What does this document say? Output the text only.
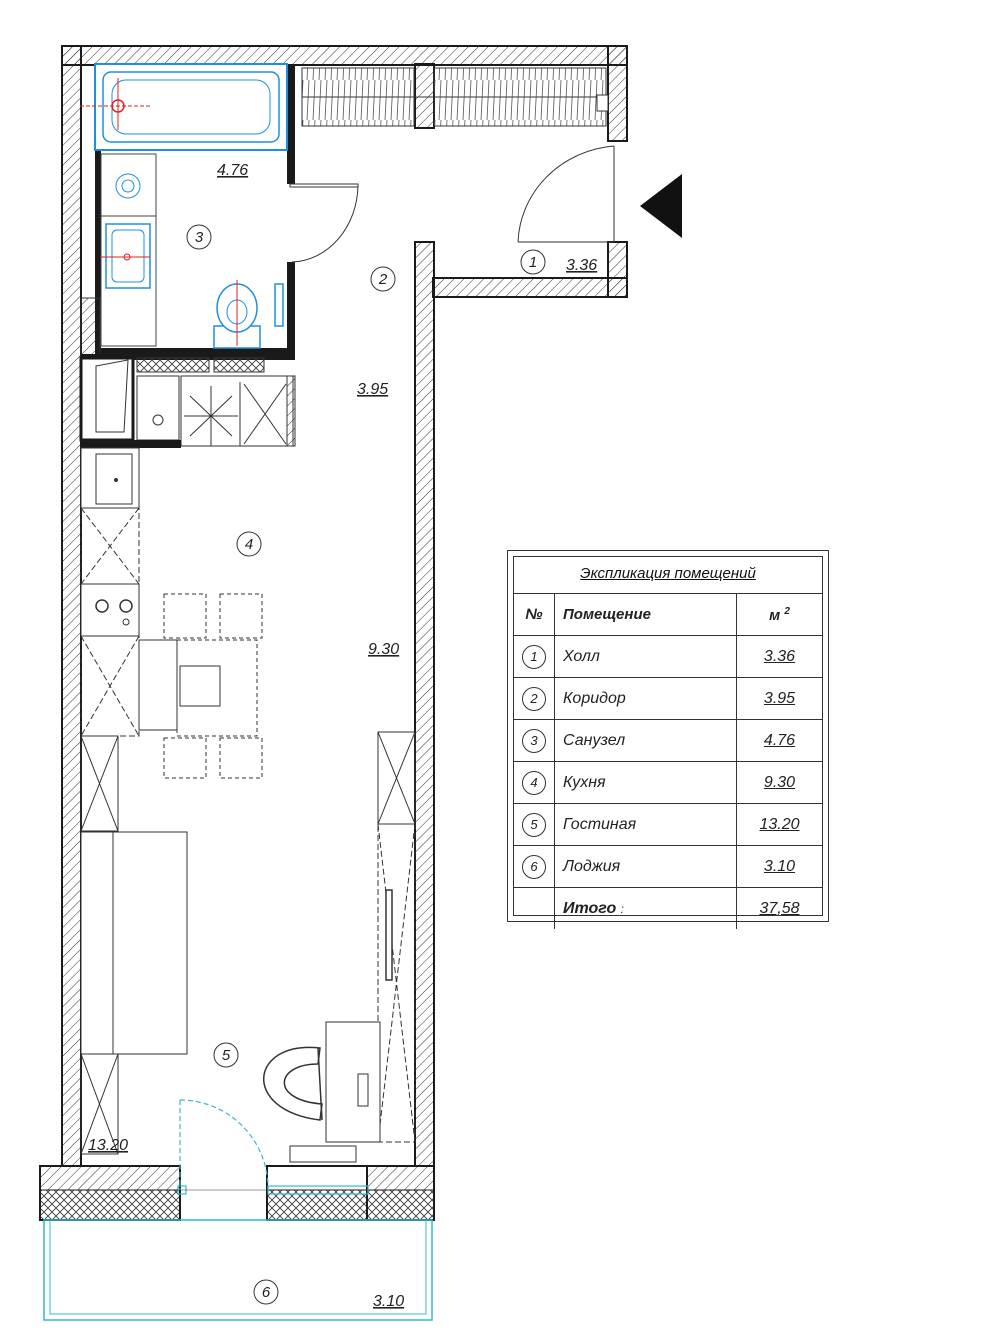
1 3.36
2
3.95
3
4.76
4
9.30
5
13.20
6
3.10
Экспликация помещений
№	Помещение	м $^2$
1	Холл	3.36
2	Коридор	3.95
3	Санузел	4.76
4	Кухня	9.30
5	Гостиная	13.20
6	Лоджия	3.10
	Итого :	37,58
